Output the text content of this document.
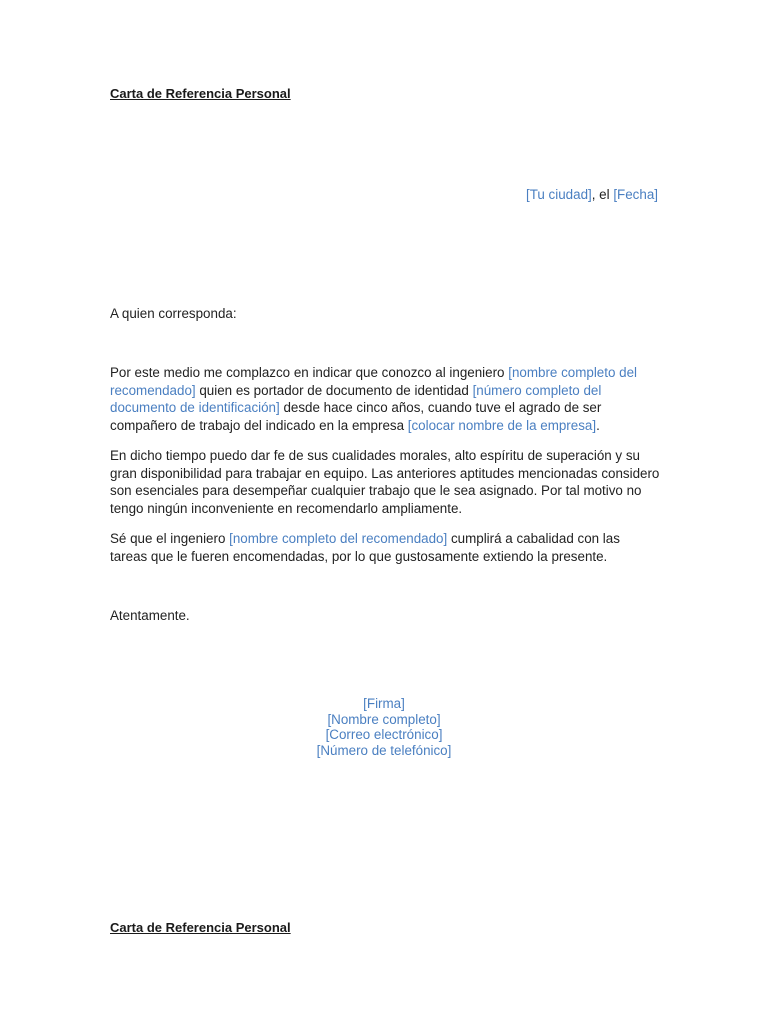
Carta de Referencia Personal

[Tu ciudad], el [Fecha]

A quien corresponda:

Por este medio me complazco en indicar que conozco al ingeniero [nombre completo del recomendado] quien es portador de documento de identidad [número completo del documento de identificación] desde hace cinco años, cuando tuve el agrado de ser compañero de trabajo del indicado en la empresa [colocar nombre de la empresa].

En dicho tiempo puedo dar fe de sus cualidades morales, alto espíritu de superación y su gran disponibilidad para trabajar en equipo. Las anteriores aptitudes mencionadas considero son esenciales para desempeñar cualquier trabajo que le sea asignado. Por tal motivo no tengo ningún inconveniente en recomendarlo ampliamente.

Sé que el ingeniero [nombre completo del recomendado] cumplirá a cabalidad con las tareas que le fueren encomendadas, por lo que gustosamente extiendo la presente.

Atentamente.

[Firma]
[Nombre completo]
[Correo electrónico]
[Número de telefónico]
Carta de Referencia Personal
